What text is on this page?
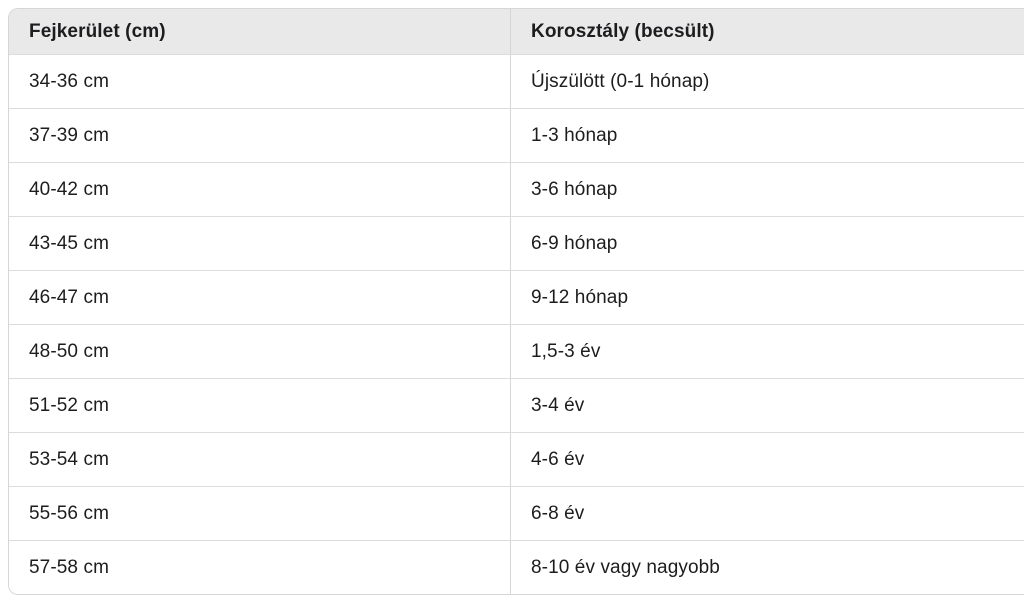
Fejkerület (cm)	Korosztály (becsült)
34-36 cm	Újszülött (0-1 hónap)
37-39 cm	1-3 hónap
40-42 cm	3-6 hónap
43-45 cm	6-9 hónap
46-47 cm	9-12 hónap
48-50 cm	1,5-3 év
51-52 cm	3-4 év
53-54 cm	4-6 év
55-56 cm	6-8 év
57-58 cm	8-10 év vagy nagyobb
